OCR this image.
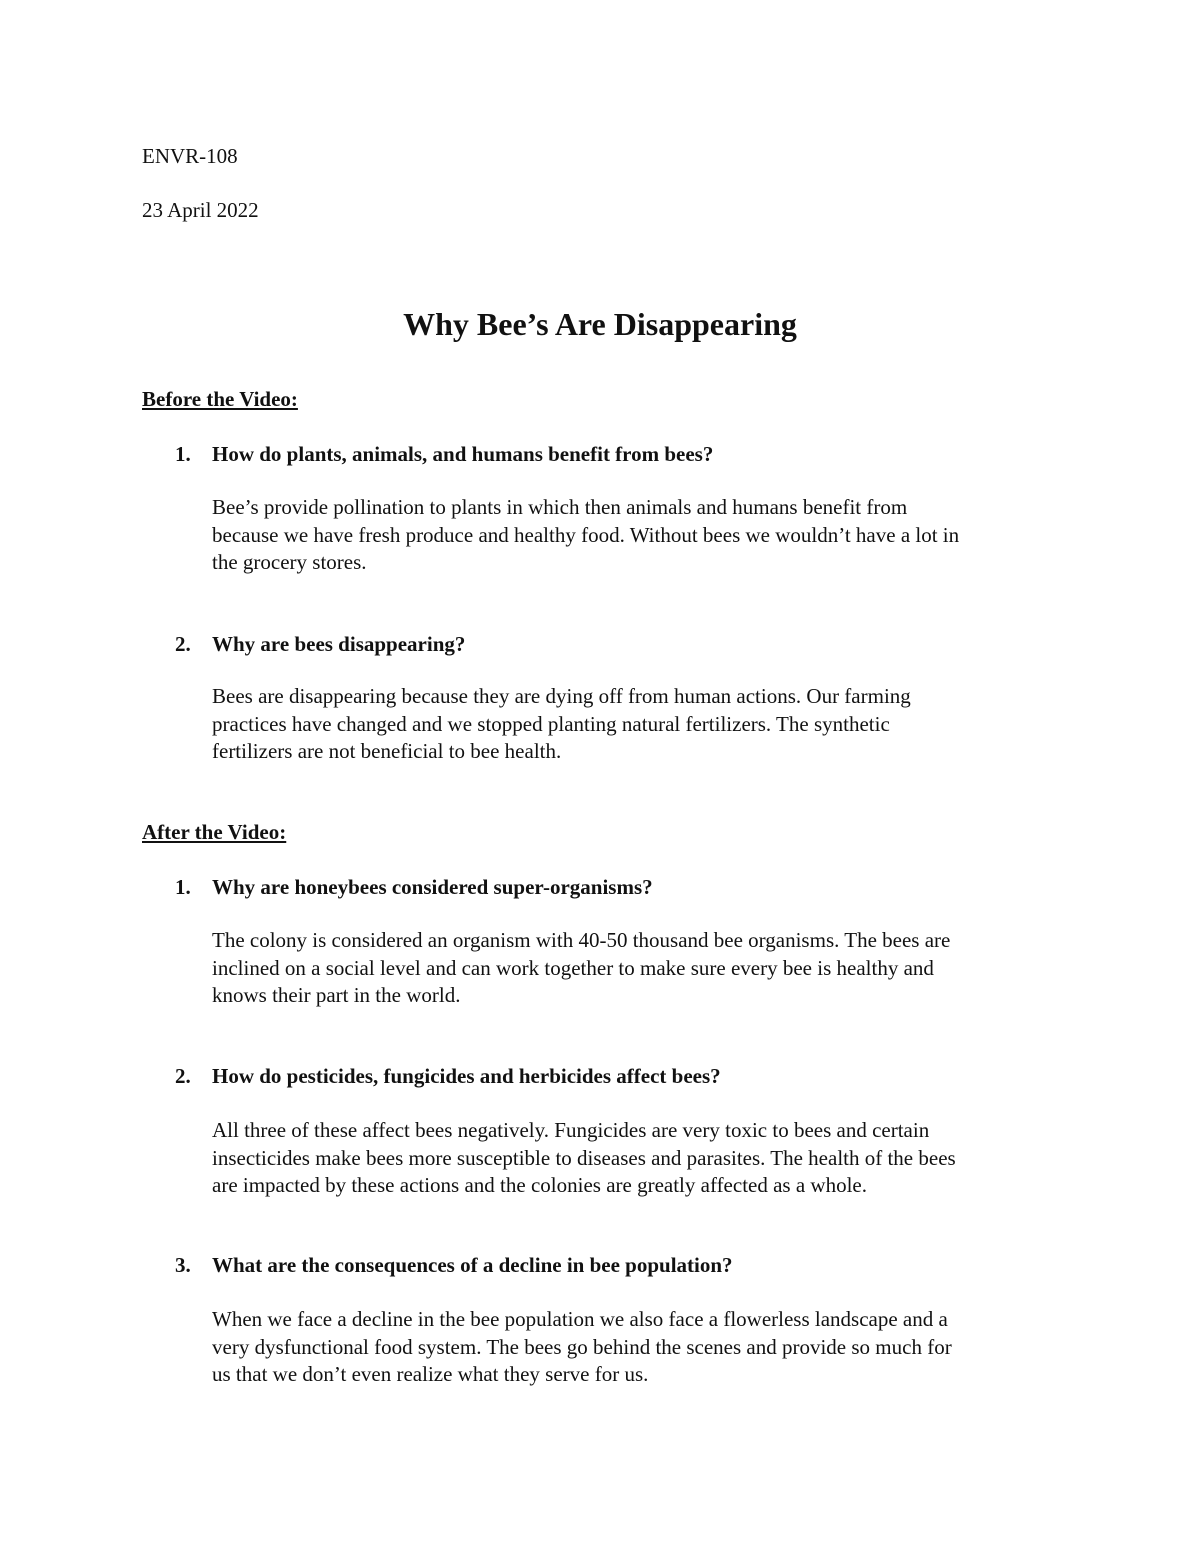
ENVR-108
23 April 2022
Why Bee’s Are Disappearing
Before the Video:
1. How do plants, animals, and humans benefit from bees?
Bee’s provide pollination to plants in which then animals and humans benefit from
because we have fresh produce and healthy food. Without bees we wouldn’t have a lot in
the grocery stores.
2. Why are bees disappearing?
Bees are disappearing because they are dying off from human actions. Our farming
practices have changed and we stopped planting natural fertilizers. The synthetic
fertilizers are not beneficial to bee health.
After the Video:
1. Why are honeybees considered super-organisms?
The colony is considered an organism with 40-50 thousand bee organisms. The bees are
inclined on a social level and can work together to make sure every bee is healthy and
knows their part in the world.
2. How do pesticides, fungicides and herbicides affect bees?
All three of these affect bees negatively. Fungicides are very toxic to bees and certain
insecticides make bees more susceptible to diseases and parasites. The health of the bees
are impacted by these actions and the colonies are greatly affected as a whole.
3. What are the consequences of a decline in bee population?
When we face a decline in the bee population we also face a flowerless landscape and a
very dysfunctional food system. The bees go behind the scenes and provide so much for
us that we don’t even realize what they serve for us.
